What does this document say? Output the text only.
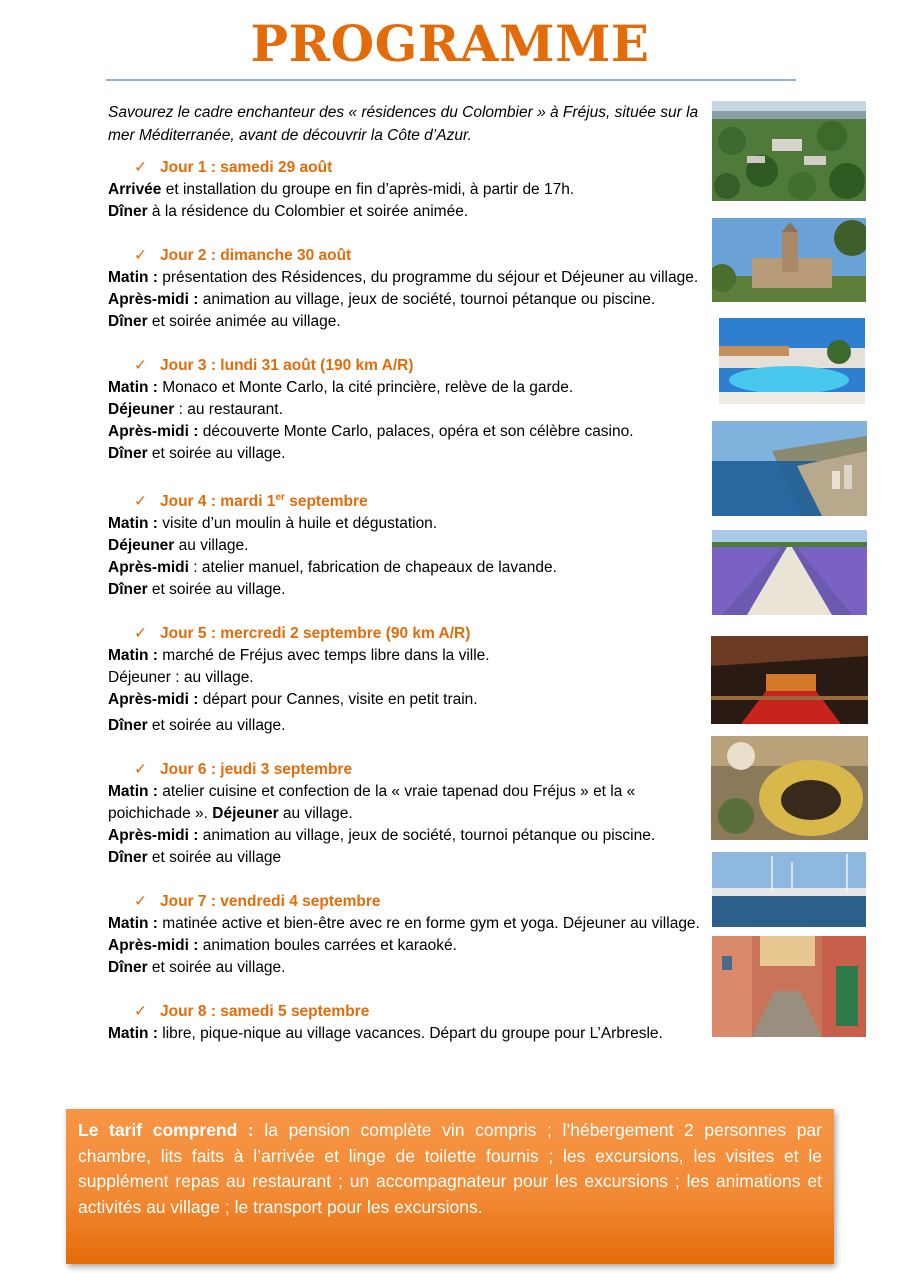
PROGRAMME
Savourez le cadre enchanteur des « résidences du Colombier » à Fréjus, située sur la mer Méditerranée, avant de découvrir la Côte d’Azur.
✓ Jour 1 : samedi 29 août
Arrivée et installation du groupe en fin d’après-midi, à partir de 17h.
Dîner à la résidence du Colombier et soirée animée.
✓ Jour 2 : dimanche 30 août
Matin : présentation des Résidences, du programme du séjour et Déjeuner au village.
Après-midi : animation au village, jeux de société, tournoi pétanque ou piscine.
Dîner et soirée animée au village.
✓ Jour 3 : lundi 31 août (190 km A/R)
Matin : Monaco et Monte Carlo, la cité princière, relève de la garde.
Déjeuner : au restaurant.
Après-midi : découverte Monte Carlo, palaces, opéra et son célèbre casino.
Dîner et soirée au village.
✓ Jour 4 : mardi 1er septembre
Matin : visite d’un moulin à huile et dégustation.
Déjeuner au village.
Après-midi : atelier manuel, fabrication de chapeaux de lavande.
Dîner et soirée au village.
✓ Jour 5 : mercredi 2 septembre (90 km A/R)
Matin : marché de Fréjus avec temps libre dans la ville.
Déjeuner : au village.
Après-midi : départ pour Cannes, visite en petit train.
Dîner et soirée au village.
✓ Jour 6 : jeudi 3 septembre
Matin : atelier cuisine et confection de la « vraie tapenad dou Fréjus » et la « poichichade ». Déjeuner au village.
Après-midi : animation au village, jeux de société, tournoi pétanque ou piscine.
Dîner et soirée au village
✓ Jour 7 : vendredi 4 septembre
Matin : matinée active et bien-être avec re en forme gym et yoga. Déjeuner au village.
Après-midi : animation boules carrées et karaoké.
Dîner et soirée au village.
✓ Jour 8 : samedi 5 septembre
Matin : libre, pique-nique au village vacances. Départ du groupe pour L’Arbresle.
Le tarif comprend : la pension complète vin compris ; l’hébergement 2 personnes par chambre, lits faits à l’arrivée et linge de toilette fournis ; les excursions, les visites et le supplément repas au restaurant ; un accompagnateur pour les excursions ; les animations et activités au village ; le transport pour les excursions.
